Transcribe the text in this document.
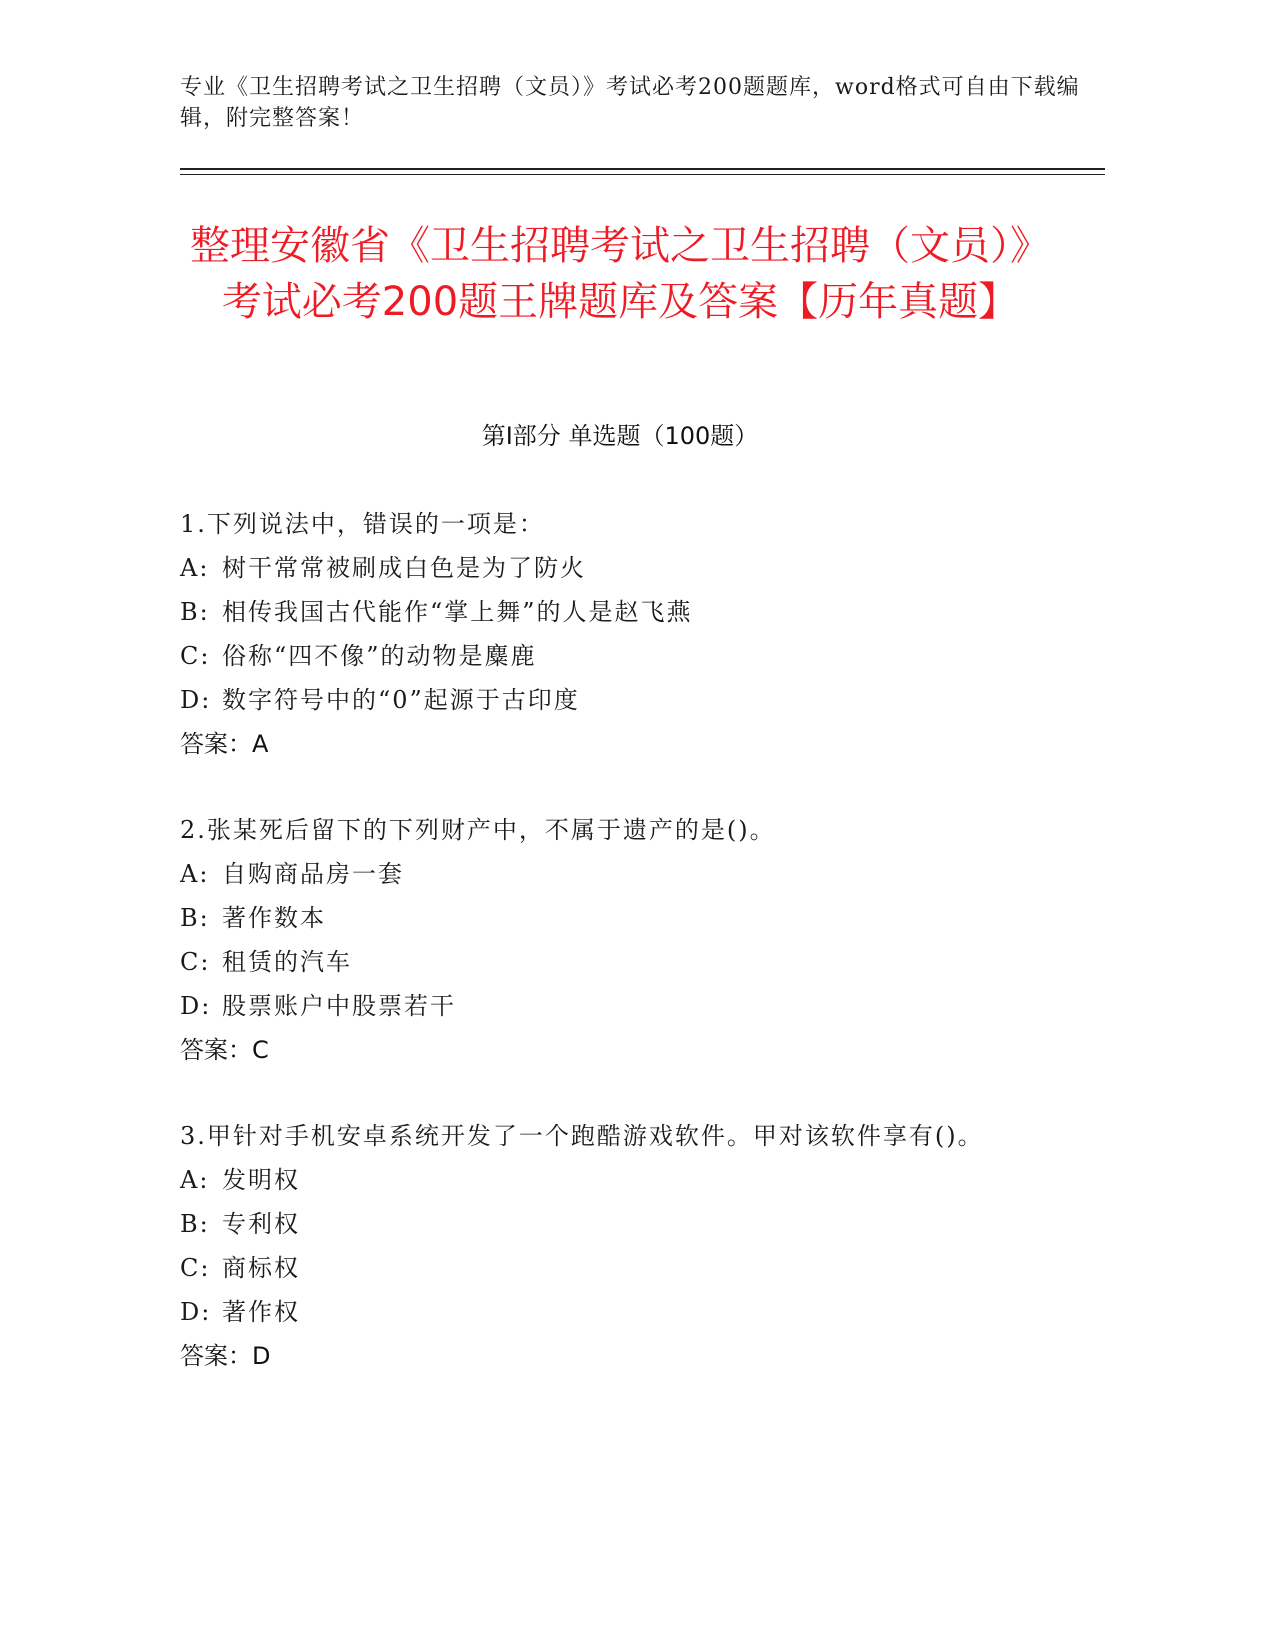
专业《卫生招聘考试之卫生招聘（文员）》考试必考200题题库，word格式可自由下载编辑，附完整答案！
整理安徽省《卫生招聘考试之卫生招聘（文员）》考试必考200题王牌题库及答案【历年真题】
第I部分 单选题（100题）
1.下列说法中，错误的一项是：
A: 树干常常被刷成白色是为了防火
B: 相传我国古代能作“掌上舞”的人是赵飞燕
C: 俗称“四不像”的动物是麋鹿
D: 数字符号中的“0”起源于古印度
答案：A
2.张某死后留下的下列财产中，不属于遗产的是()。
A: 自购商品房一套
B: 著作数本
C: 租赁的汽车
D: 股票账户中股票若干
答案：C
3.甲针对手机安卓系统开发了一个跑酷游戏软件。甲对该软件享有()。
A: 发明权
B: 专利权
C: 商标权
D: 著作权
答案：D
